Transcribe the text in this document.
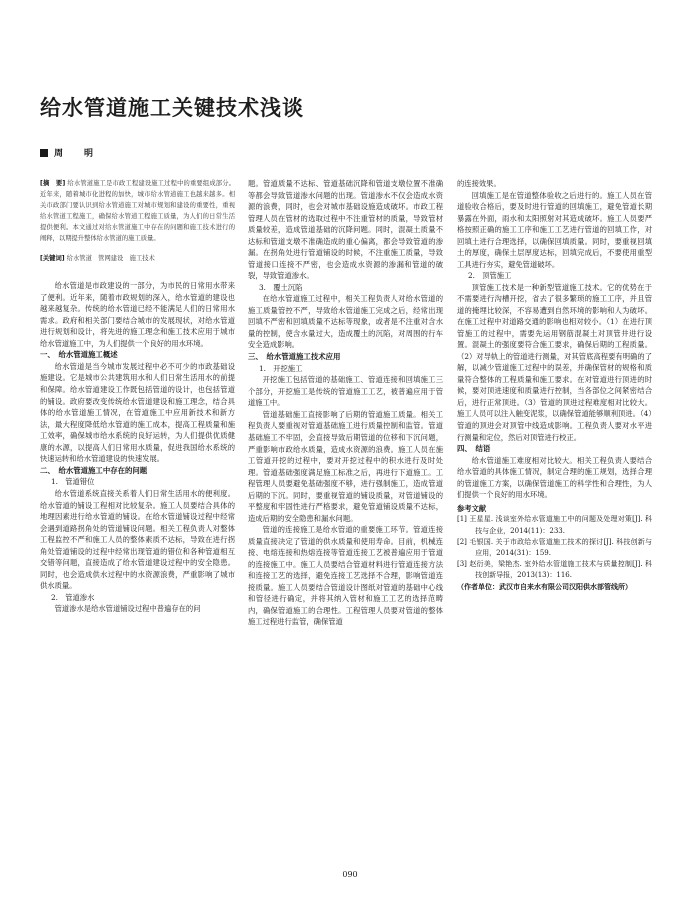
给水管道施工关键技术浅谈
周　明

[摘　要] 给水管道施工是市政工程建设施工过程中的重要组成部分。近年来，随着城市化进程的加快，城市给水管道施工也越来越多。相关市政部门要认识到给水管道施工对城市规划和建设的重要性，重视给水管道工程施工，确保给水管道工程施工质量，为人们的日常生活提供便利。本文通过对给水管道施工中存在的问题和施工技术进行的阐释，以期提升整体给水管道的施工质量。

[关键词] 给水管道　管网建设　施工技术

给水管道是市政建设的一部分，为市民的日常用水带来了便利。近年来，随着市政规划的深入，给水管道的建设也越来越复杂。传统的给水管道已经不能满足人们的日常用水需求。政府和相关部门要结合城市的发展现状，对给水管道进行规划和设计，将先进的施工理念和施工技术应用于城市给水管道施工中，为人们提供一个良好的用水环境。

一、　给水管道施工概述

给水管道是当今城市发展过程中必不可少的市政基础设施建设。它是城市公共建筑用水和人们日常生活用水的前提和保障。给水管道建设工作既包括管道的设计，也包括管道的铺设。政府要改变传统给水管道建设和施工理念，结合具体的给水管道施工情况，在管道施工中应用新技术和新方法，最大程度降低给水管道的施工成本，提高工程质量和施工效率，确保城市给水系统的良好运转，为人们提供优质健康的水源，以提高人们日常用水质量，促进我国给水系统的快速运转和给水管道建设的快速发展。

二、　给水管道施工中存在的问题
1.　管道错位

给水管道系统直接关系着人们日常生活用水的便利度。给水管道的铺设工程相对比较复杂。施工人员要结合具体的地理因素进行给水管道的铺设。在给水管道铺设过程中经常会遇到道路拐角处的管道铺设问题。相关工程负责人对整体工程监控不严和施工人员的整体素质不达标，导致在进行拐角处管道铺设的过程中经常出现管道的错位和各种管道相互交错等问题，直接造成了给水管道建设过程中的安全隐患。同时，也会造成供水过程中的水资源浪费，严重影响了城市供水质量。

2.　管道渗水

管道渗水是给水管道铺设过程中普遍存在的问

题。管道质量不达标、管道基础沉降和管道支墩位置不准确等都会导致管道渗水问题的出现。管道渗水不仅会造成水资源的浪费，同时，也会对城市基础设施造成破坏。市政工程管理人员在管材的选取过程中不注重管材的质量，导致管材质量较差，造成管道基础的沉降问题。同时，混凝土质量不达标和管道支墩不准确造成的重心偏离，都会导致管道的渗漏。在拐角处进行管道铺设的时候，不注重施工质量，导致管道接口连接不严密，也会造成水资源的渗漏和管道的破裂，导致管道渗水。

3.　覆土沉陷

在给水管道施工过程中，相关工程负责人对给水管道的施工质量管控不严，导致给水管道施工完成之后，经常出现回填不严密和回填质量不达标等现象，或者是不注重对含水量的控制，使含水量过大，造成覆土的沉陷，对周围的行车安全造成影响。

三、　给水管道施工技术应用
1.　开挖施工

开挖施工包括管道的基础施工、管道连接和回填施工三个部分，开挖施工是传统的管道施工工艺，被普遍应用于管道施工中。

管道基础施工直接影响了后期的管道施工质量。相关工程负责人要重视对管道基础施工进行质量控制和监管。管道基础施工不牢固，会直接导致后期管道的位移和下沉问题，严重影响市政给水质量，造成水资源的浪费。施工人员在施工管道开挖的过程中，要对开挖过程中的积水进行及时处理。管道基础强度满足施工标准之后，再进行下道施工。工程管理人员要避免基础强度不够，进行强制施工，造成管道后期的下沉。同时，要重视管道的铺设质量，对管道铺设的平整度和牢固性进行严格要求，避免管道铺设质量不达标，造成后期的安全隐患和漏水问题。

管道的连接施工是给水管道的重要施工环节。管道连接质量直接决定了管道的供水质量和使用寿命。目前，机械连接、电熔连接和热熔连接等管道连接工艺被普遍应用于管道的连接施工中。施工人员要结合管道材料进行管道连接方法和连接工艺的选择，避免连接工艺选择不合理，影响管道连接质量。施工人员要结合管道设计图纸对管道的基础中心线和管径进行确定，并将其纳入管材和施工工艺的选择范畴内，确保管道施工的合理性。工程管理人员要对管道的整体施工过程进行监管，确保管道

的连接效果。

回填施工是在管道整体验收之后进行的。施工人员在管道验收合格后，要及时进行管道的回填施工，避免管道长期暴露在外面，雨水和太阳照射对其造成破坏。施工人员要严格按照正确的施工工序和施工工艺进行管道的回填工作，对回填土进行合理选择，以确保回填质量。同时，要重视回填土的厚度，确保土层厚度达标，回填完成后，不要使用重型工具进行夯实，避免管道破坏。

2.　顶管施工

顶管施工技术是一种新型管道施工技术。它的优势在于不需要进行沟槽开挖，省去了很多繁琐的施工工序，并且管道的掩埋比较深，不容易遭到自然环境的影响和人为破坏。在施工过程中对道路交通的影响也相对较小。（1）在进行顶管施工的过程中，需要先运用钢筋混凝土对顶管井进行设置。混凝土的强度要符合施工要求，确保后期的工程质量。（2）对导轨上的管道进行测量，对其管底高程要有明确的了解，以减少管道施工过程中的误差，并确保管材的规格和质量符合整体的工程质量和施工要求。在对管道进行顶进的时候，要对顶进速度和质量进行控制，当各部位之间紧密结合后，进行正常顶进。（3）管道的顶进过程难度相对比较大。施工人员可以注入触变泥浆，以确保管道能够顺利顶进。（4）管道的顶进会对顶管中线造成影响。工程负责人要对水平进行测量和定位，然后对顶管进行校正。

四、　结语

给水管道施工难度相对比较大。相关工程负责人要结合给水管道的具体施工情况，制定合理的施工规划，选择合理的管道施工方案，以确保管道施工的科学性和合理性，为人们提供一个良好的用水环境。

参考文献
[1] 王星星. 浅谈室外给水管道施工中的问题及处理对策[J]. 科技与企业，2014(11)：233.
[2] 毛银国. 关于市政给水管道施工技术的探讨[J]. 科技创新与应用，2014(31)：159.
[3] 赵衍美，梁艳杰. 室外给水管道施工技术与质量控制[J]. 科技创新导报，2013(13)：116.
（作者单位：武汉市自来水有限公司汉阳供水部管线所）
090
